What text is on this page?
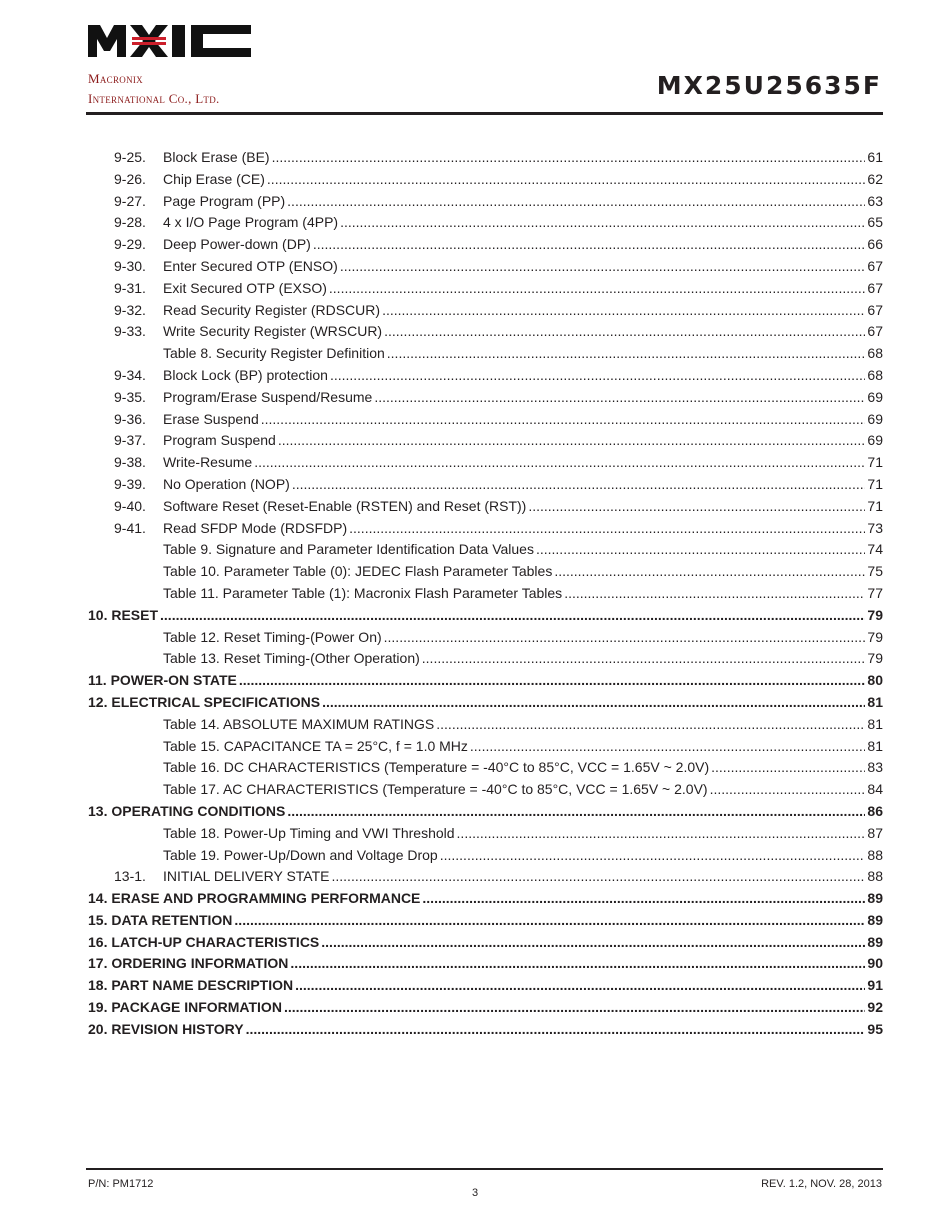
Macronix
International Co., Ltd.	MX25U25635F
9-25.	Block Erase (BE) .....	61
9-26.	Chip Erase (CE) .....	62
9-27.	Page Program (PP) .....	63
9-28.	4 x I/O Page Program (4PP) .....	65
9-29.	Deep Power-down (DP) .....	66
9-30.	Enter Secured OTP (ENSO) .....	67
9-31.	Exit Secured OTP (EXSO) .....	67
9-32.	Read Security Register (RDSCUR) .....	67
9-33.	Write Security Register (WRSCUR) .....	67
Table 8. Security Register Definition .....	68
9-34.	Block Lock (BP) protection .....	68
9-35.	Program/Erase Suspend/Resume .....	69
9-36.	Erase Suspend .....	69
9-37.	Program Suspend .....	69
9-38.	Write-Resume .....	71
9-39.	No Operation (NOP) .....	71
9-40.	Software Reset (Reset-Enable (RSTEN) and Reset (RST)) .....	71
9-41.	Read SFDP Mode (RDSFDP) .....	73
Table 9. Signature and Parameter Identification Data Values .....	74
Table 10. Parameter Table (0): JEDEC Flash Parameter Tables .....	75
Table 11. Parameter Table (1): Macronix Flash Parameter Tables .....	77
10. RESET .....	79
Table 12. Reset Timing-(Power On) .....	79
Table 13. Reset Timing-(Other Operation) .....	79
11. POWER-ON STATE .....	80
12. ELECTRICAL SPECIFICATIONS .....	81
Table 14. ABSOLUTE MAXIMUM RATINGS .....	81
Table 15. CAPACITANCE TA = 25°C, f = 1.0 MHz .....	81
Table 16. DC CHARACTERISTICS (Temperature = -40°C to 85°C, VCC = 1.65V ~ 2.0V) .....	83
Table 17. AC CHARACTERISTICS (Temperature = -40°C to 85°C, VCC = 1.65V ~ 2.0V) .....	84
13. OPERATING CONDITIONS .....	86
Table 18. Power-Up Timing and VWI Threshold .....	87
Table 19. Power-Up/Down and Voltage Drop .....	88
13-1.	INITIAL DELIVERY STATE .....	88
14. ERASE AND PROGRAMMING PERFORMANCE .....	89
15. DATA RETENTION .....	89
16. LATCH-UP CHARACTERISTICS .....	89
17. ORDERING INFORMATION .....	90
18. PART NAME DESCRIPTION .....	91
19. PACKAGE INFORMATION .....	92
20. REVISION HISTORY .....	95
P/N: PM1712
3
REV. 1.2, NOV. 28, 2013
